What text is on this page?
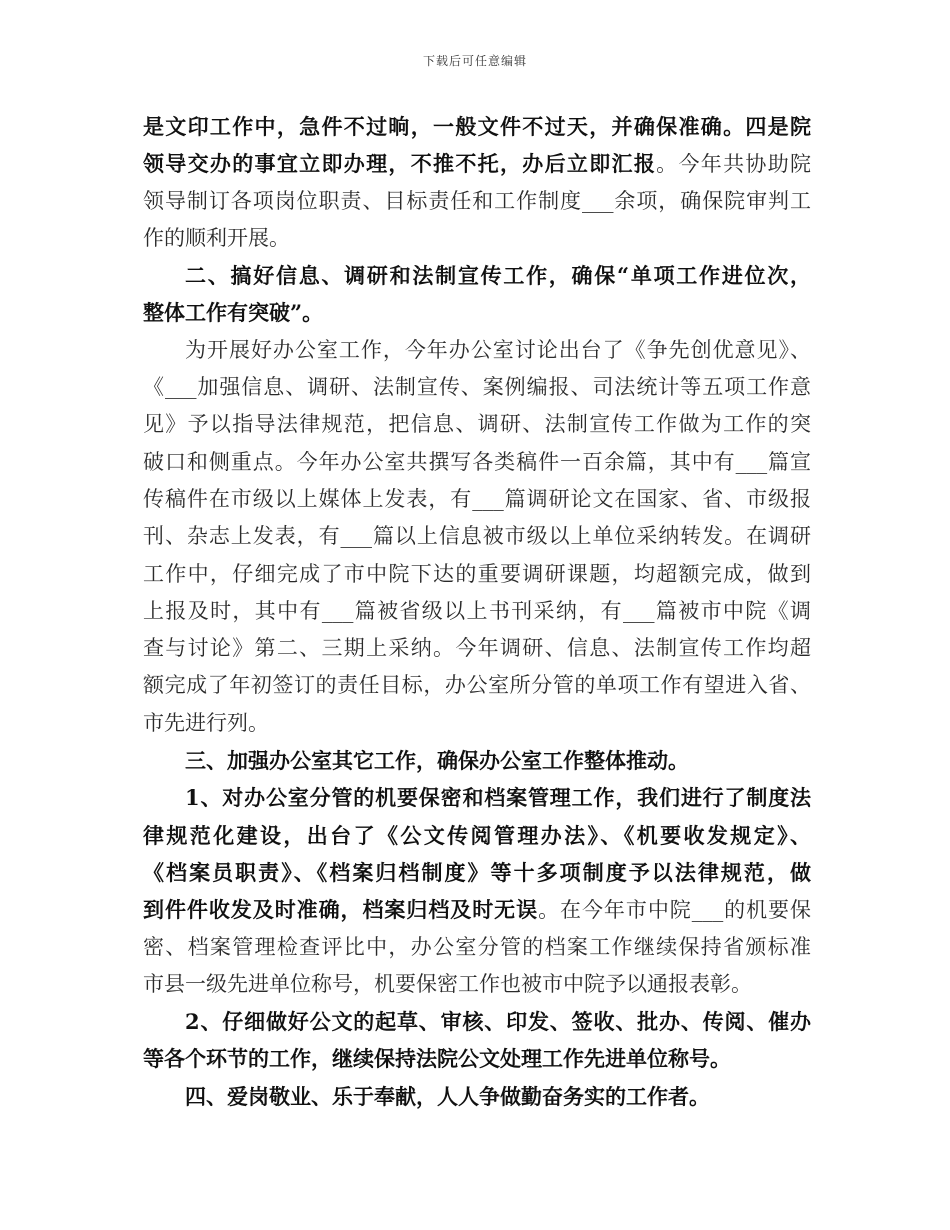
下载后可任意编辑
是文印工作中，急件不过晌，一般文件不过天，并确保准确。四是院
领导交办的事宜立即办理，不推不托，办后立即汇报。今年共协助院
领导制订各项岗位职责、目标责任和工作制度___余项，确保院审判工
作的顺利开展。
二、搞好信息、调研和法制宣传工作，确保“单项工作进位次，
整体工作有突破”。
为开展好办公室工作，今年办公室讨论出台了《争先创优意见》、
《___加强信息、调研、法制宣传、案例编报、司法统计等五项工作意
见》予以指导法律规范，把信息、调研、法制宣传工作做为工作的突
破口和侧重点。今年办公室共撰写各类稿件一百余篇，其中有___篇宣
传稿件在市级以上媒体上发表，有___篇调研论文在国家、省、市级报
刊、杂志上发表，有___篇以上信息被市级以上单位采纳转发。在调研
工作中，仔细完成了市中院下达的重要调研课题，均超额完成，做到
上报及时，其中有___篇被省级以上书刊采纳，有___篇被市中院《调
查与讨论》第二、三期上采纳。今年调研、信息、法制宣传工作均超
额完成了年初签订的责任目标，办公室所分管的单项工作有望进入省、
市先进行列。
三、加强办公室其它工作，确保办公室工作整体推动。
1、对办公室分管的机要保密和档案管理工作，我们进行了制度法
律规范化建设，出台了《公文传阅管理办法》、《机要收发规定》、
《档案员职责》、《档案归档制度》等十多项制度予以法律规范，做
到件件收发及时准确，档案归档及时无误。在今年市中院___的机要保
密、档案管理检查评比中，办公室分管的档案工作继续保持省颁标准
市县一级先进单位称号，机要保密工作也被市中院予以通报表彰。
2、仔细做好公文的起草、审核、印发、签收、批办、传阅、催办
等各个环节的工作，继续保持法院公文处理工作先进单位称号。
四、爱岗敬业、乐于奉献，人人争做勤奋务实的工作者。
